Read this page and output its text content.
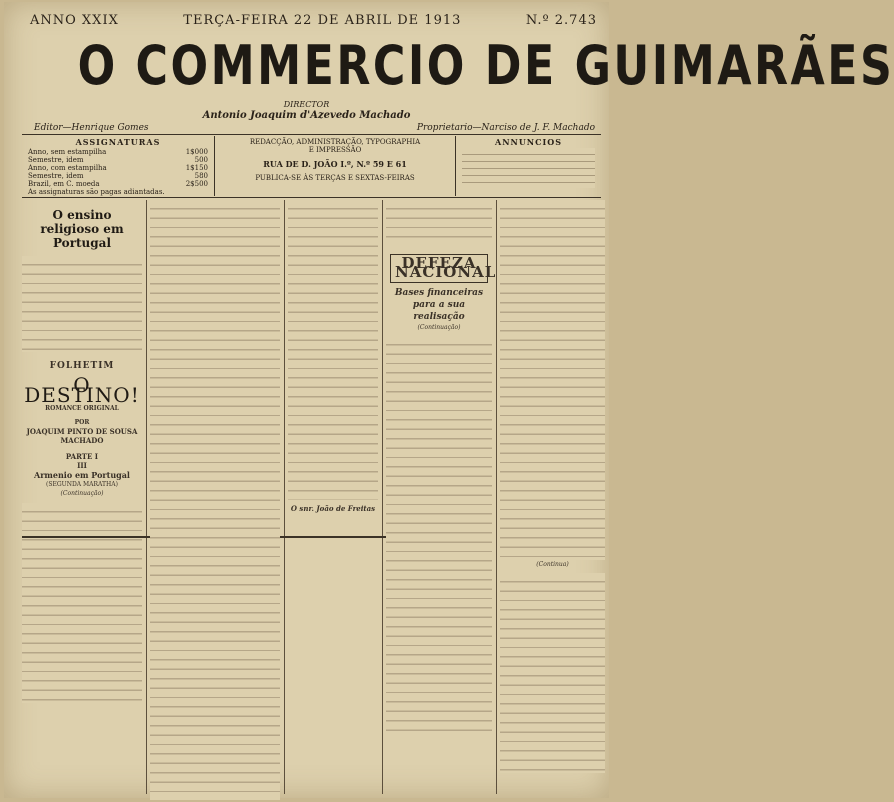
ANNO XXIX	TERÇA-FEIRA 22 DE ABRIL DE 1913	N.º 2.743
O COMMERCIO DE GUIMARÃES
DIRECTOR
Antonio Joaquim d'Azevedo Machado
Editor—Henrique Gomes	Proprietario—Narciso de J. F. Machado
ASSIGNATURAS
Anno, sem estampilha	1$000
Semestre, idem	500
Anno, com estampilha	1$150
Semestre, idem	580
Brazil, em C. moeda	2$500
As assignaturas são pagas adiantadas.
REDACÇÃO, ADMINISTRAÇÃO, TYPOGRAPHIA
E IMPRESSÃO
RUA DE D. JOÃO I.º, N.º 59 E 61
PUBLICA-SE ÀS TERÇAS E SEXTAS-FEIRAS
ANNUNCIOS
O ensino religioso em Portugal
FOLHETIM
O DESTINO!
ROMANCE ORIGINAL
POR
JOAQUIM PINTO DE SOUSA MACHADO
PARTE I
III
Armenio em Portugal
(SEGUNDA MARATHA)
(Continuação)
O snr. João de Freitas
DEFEZA NACIONAL
Bases financeiras
para a sua realisação
(Continuação)
(Continua)
